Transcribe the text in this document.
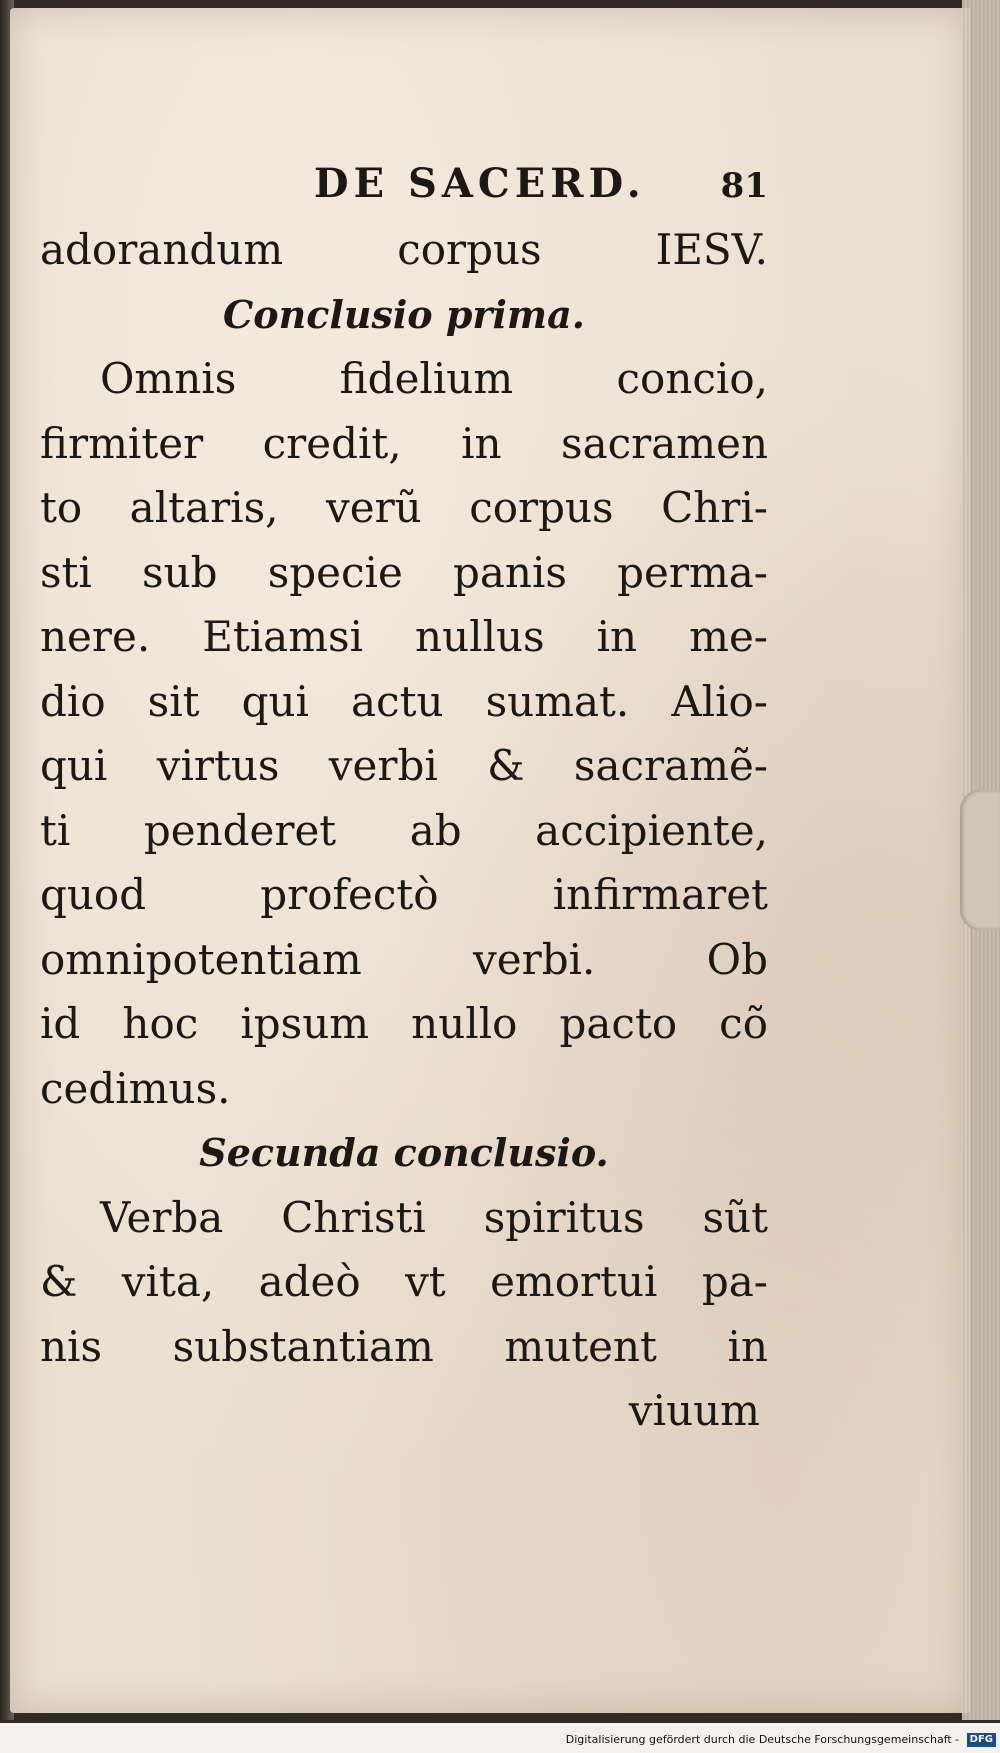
DE SACERD. 81
adorandum corpus IESV.
Conclusio prima.
Omnis fidelium concio,
firmiter credit, in sacramen
to altaris, verũ corpus Chri-
sti sub specie panis perma-
nere. Etiamsi nullus in me-
dio sit qui actu sumat. Alio-
qui virtus verbi & sacramẽ-
ti penderet ab accipiente,
quod profectò infirmaret
omnipotentiam verbi. Ob
id hoc ipsum nullo pacto cõ
cedimus.
Secunda conclusio.
Verba Christi spiritus sũt
& vita, adeò vt emortui pa-
nis substantiam mutent in
viuum
Digitalisierung gefördert durch die Deutsche Forschungsgemeinschaft - DFG
